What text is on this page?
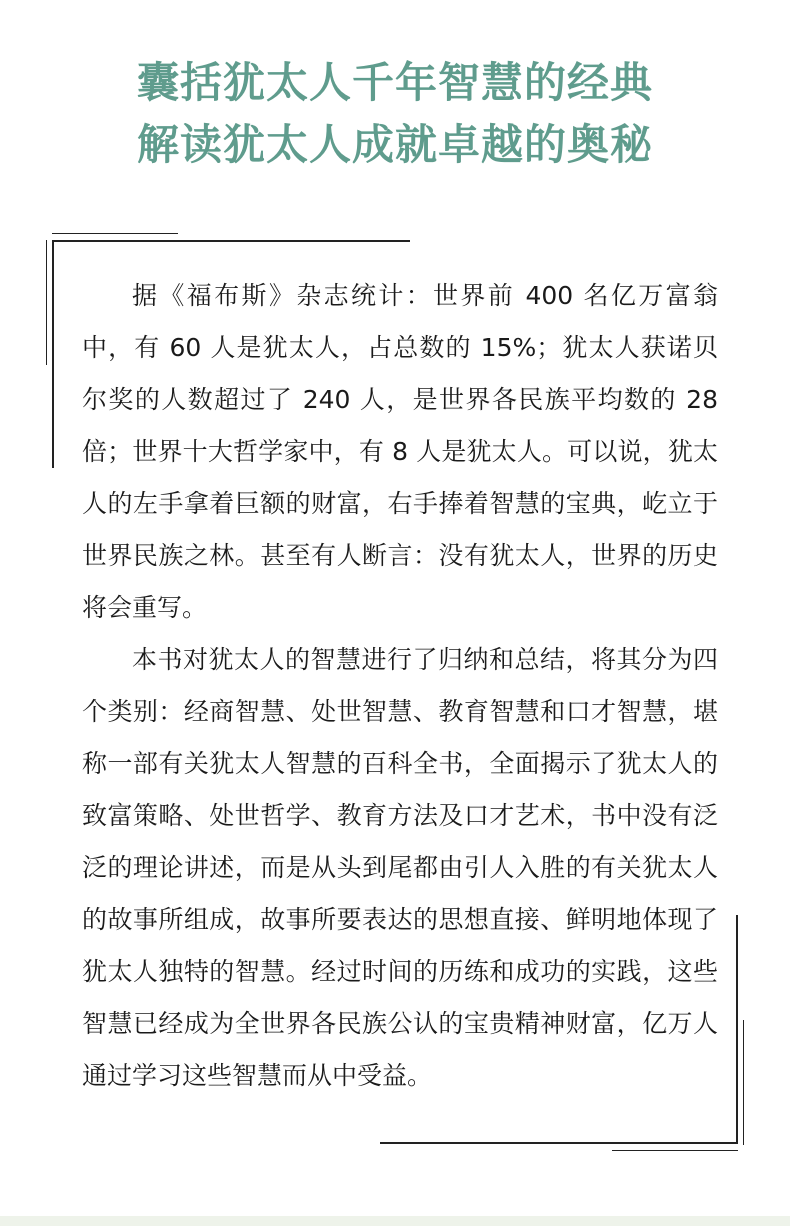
囊括犹太人千年智慧的经典
解读犹太人成就卓越的奥秘

据《福布斯》杂志统计：世界前 400 名亿万富翁中，有 60 人是犹太人，占总数的 15%；犹太人获诺贝尔奖的人数超过了 240 人，是世界各民族平均数的 28 倍；世界十大哲学家中，有 8 人是犹太人。可以说，犹太人的左手拿着巨额的财富，右手捧着智慧的宝典，屹立于世界民族之林。甚至有人断言：没有犹太人，世界的历史将会重写。

本书对犹太人的智慧进行了归纳和总结，将其分为四个类别：经商智慧、处世智慧、教育智慧和口才智慧，堪称一部有关犹太人智慧的百科全书，全面揭示了犹太人的致富策略、处世哲学、教育方法及口才艺术，书中没有泛泛的理论讲述，而是从头到尾都由引人入胜的有关犹太人的故事所组成，故事所要表达的思想直接、鲜明地体现了犹太人独特的智慧。经过时间的历练和成功的实践，这些智慧已经成为全世界各民族公认的宝贵精神财富，亿万人通过学习这些智慧而从中受益。
